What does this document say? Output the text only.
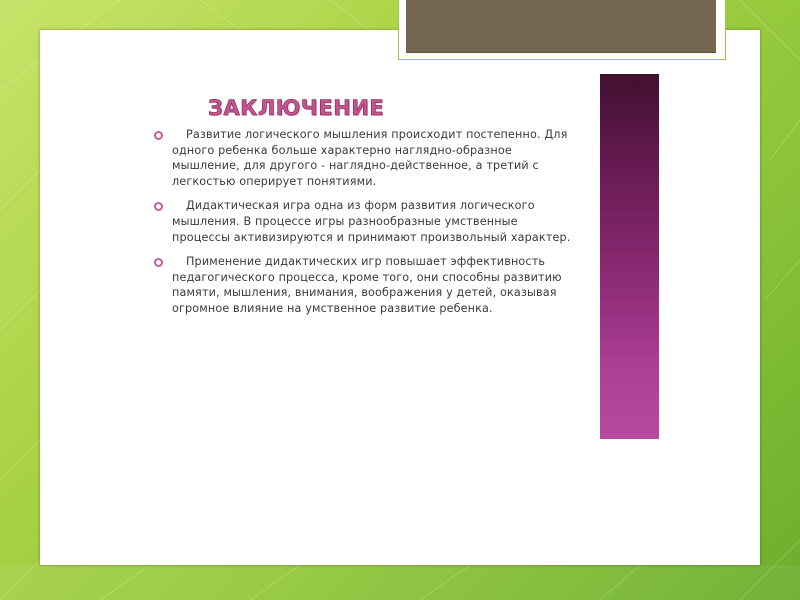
ЗАКЛЮЧЕНИЕ
Развитие логического мышления происходит постепенно. Для одного ребенка больше характерно наглядно-образное мышление, для другого - наглядно-действенное, а третий с легкостью оперирует понятиями.
Дидактическая игра одна из форм развития логического мышления. В процессе игры разнообразные умственные процессы активизируются и принимают произвольный характер.
Применение дидактических игр повышает эффективность педагогического процесса, кроме того, они способны развитию памяти, мышления, внимания, воображения у детей, оказывая огромное влияние на умственное развитие ребенка.
